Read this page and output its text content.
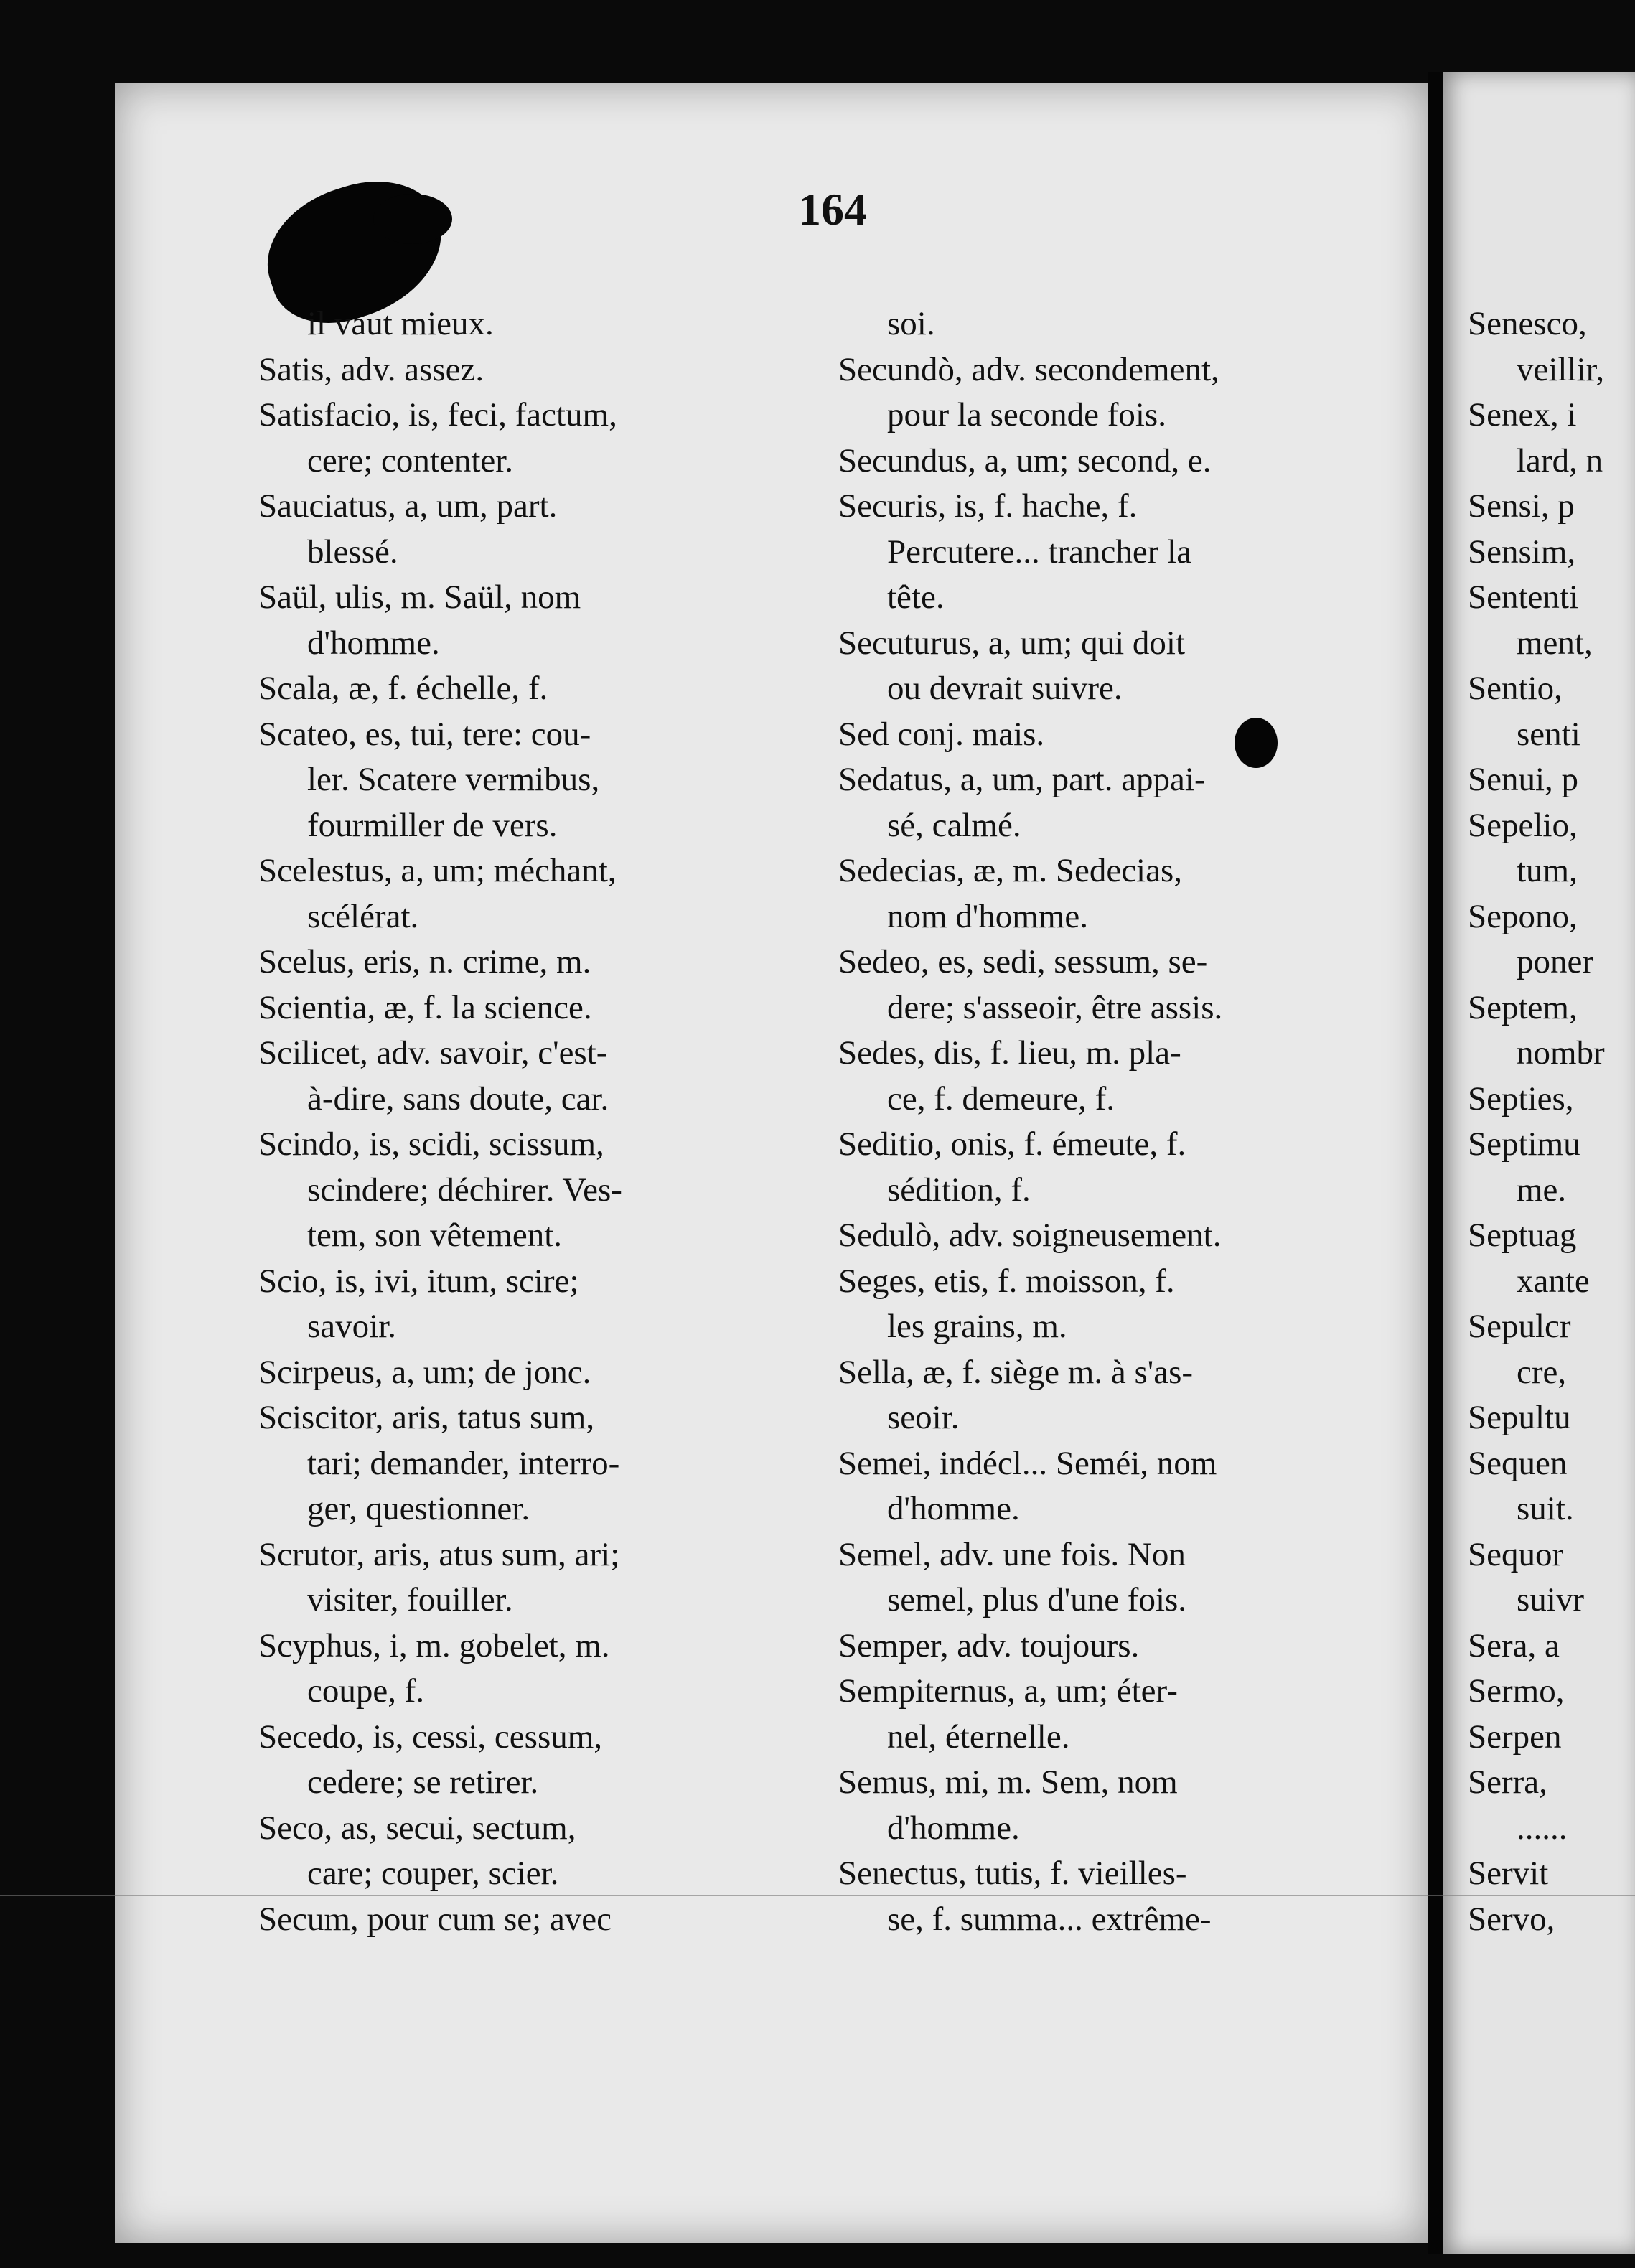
164
il vaut mieux.
Satis, adv. assez.
Satisfacio, is, feci, factum,
cere; contenter.
Sauciatus, a, um, part.
blessé.
Saül, ulis, m. Saül, nom
d'homme.
Scala, æ, f. échelle, f.
Scateo, es, tui, tere: cou-
ler. Scatere vermibus,
fourmiller de vers.
Scelestus, a, um; méchant,
scélérat.
Scelus, eris, n. crime, m.
Scientia, æ, f. la science.
Scilicet, adv. savoir, c'est-
à-dire, sans doute, car.
Scindo, is, scidi, scissum,
scindere; déchirer. Ves-
tem, son vêtement.
Scio, is, ivi, itum, scire;
savoir.
Scirpeus, a, um; de jonc.
Sciscitor, aris, tatus sum,
tari; demander, interro-
ger, questionner.
Scrutor, aris, atus sum, ari;
visiter, fouiller.
Scyphus, i, m. gobelet, m.
coupe, f.
Secedo, is, cessi, cessum,
cedere; se retirer.
Seco, as, secui, sectum,
care; couper, scier.
Secum, pour cum se; avec
soi.
Secundò, adv. secondement,
pour la seconde fois.
Secundus, a, um; second, e.
Securis, is, f. hache, f.
Percutere... trancher la
tête.
Secuturus, a, um; qui doit
ou devrait suivre.
Sed conj. mais.
Sedatus, a, um, part. appai-
sé, calmé.
Sedecias, æ, m. Sedecias,
nom d'homme.
Sedeo, es, sedi, sessum, se-
dere; s'asseoir, être assis.
Sedes, dis, f. lieu, m. pla-
ce, f. demeure, f.
Seditio, onis, f. émeute, f.
sédition, f.
Sedulò, adv. soigneusement.
Seges, etis, f. moisson, f.
les grains, m.
Sella, æ, f. siège m. à s'as-
seoir.
Semei, indécl... Seméi, nom
d'homme.
Semel, adv. une fois. Non
semel, plus d'une fois.
Semper, adv. toujours.
Sempiternus, a, um; éter-
nel, éternelle.
Semus, mi, m. Sem, nom
d'homme.
Senectus, tutis, f. vieilles-
se, f. summa... extrême-
Senesco,
veillir,
Senex, i
lard, n
Sensi, p
Sensim,
Sententi
ment,
Sentio,
senti
Senui, p
Sepelio,
tum,
Sepono,
poner
Septem,
nombr
Septies,
Septimu
me.
Septuag
xante
Sepulcr
cre,
Sepultu
Sequen
suit.
Sequor
suivr
Sera, a
Sermo,
Serpen
Serra,
......
Servit
Servo,
